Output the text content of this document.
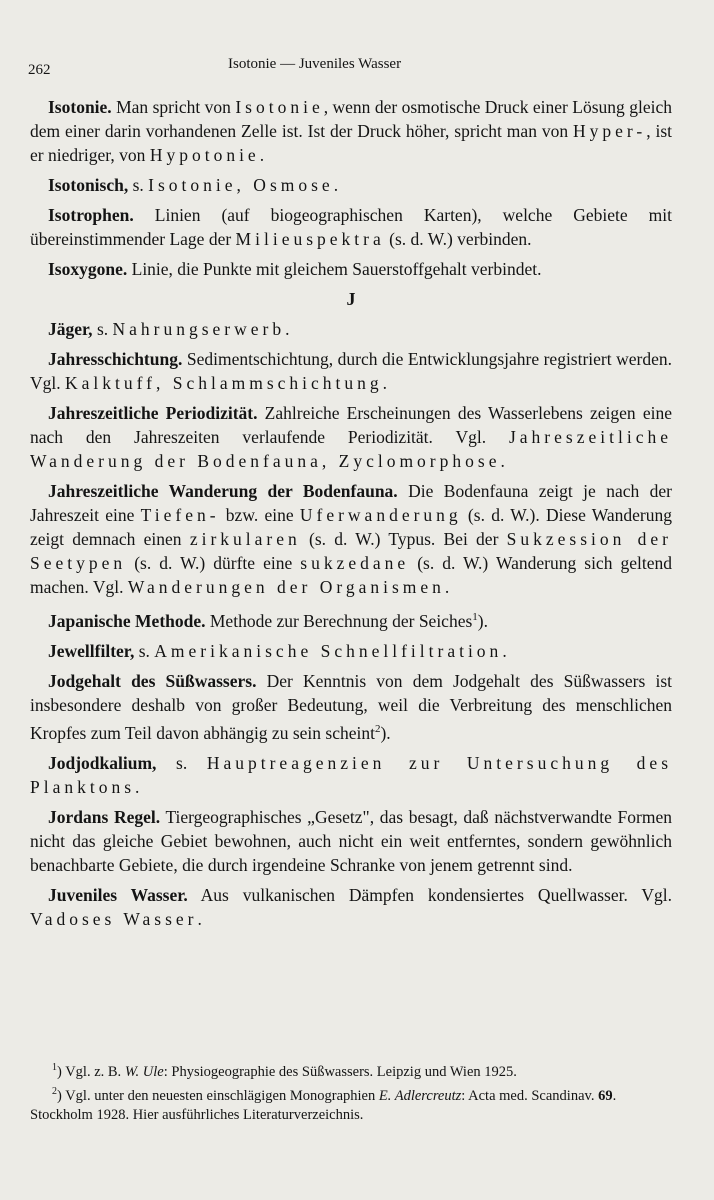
262	Isotonie — Juveniles Wasser

Isotonie. Man spricht von Isotonie, wenn der osmotische Druck einer Lösung gleich dem einer darin vorhandenen Zelle ist. Ist der Druck höher, spricht man von Hyper-, ist er niedriger, von Hypotonie.

Isotonisch, s. Isotonie, Osmose.

Isotrophen. Linien (auf biogeographischen Karten), welche Gebiete mit übereinstimmender Lage der Milieuspektra (s. d. W.) verbinden.

Isoxygone. Linie, die Punkte mit gleichem Sauerstoffgehalt verbindet.

J

Jäger, s. Nahrungserwerb.

Jahresschichtung. Sedimentschichtung, durch die Entwicklungsjahre registriert werden. Vgl. Kalktuff, Schlammschichtung.

Jahreszeitliche Periodizität. Zahlreiche Erscheinungen des Wasserlebens zeigen eine nach den Jahreszeiten verlaufende Periodizität. Vgl. Jahreszeitliche Wanderung der Bodenfauna, Zyclomorphose.

Jahreszeitliche Wanderung der Bodenfauna. Die Bodenfauna zeigt je nach der Jahreszeit eine Tiefen- bzw. eine Uferwanderung (s. d. W.). Diese Wanderung zeigt demnach einen zirkularen (s. d. W.) Typus. Bei der Sukzession der Seetypen (s. d. W.) dürfte eine sukzedane (s. d. W.) Wanderung sich geltend machen. Vgl. Wanderungen der Organismen.

Japanische Methode. Methode zur Berechnung der Seiches$^1$).

Jewellfilter, s. Amerikanische Schnellfiltration.

Jodgehalt des Süßwassers. Der Kenntnis von dem Jodgehalt des Süßwassers ist insbesondere deshalb von großer Bedeutung, weil die Verbreitung des menschlichen Kropfes zum Teil davon abhängig zu sein scheint$^2$).

Jodjodkalium, s. Hauptreagenzien zur Untersuchung des Planktons.

Jordans Regel. Tiergeographisches „Gesetz", das besagt, daß nächstverwandte Formen nicht das gleiche Gebiet bewohnen, auch nicht ein weit entferntes, sondern gewöhnlich benachbarte Gebiete, die durch irgendeine Schranke von jenem getrennt sind.

Juveniles Wasser. Aus vulkanischen Dämpfen kondensiertes Quellwasser. Vgl. Vadoses Wasser.

$^1$) Vgl. z. B. W. Ule: Physiogeographie des Süßwassers. Leipzig und Wien 1925.

$^2$) Vgl. unter den neuesten einschlägigen Monographien E. Adlercreutz: Acta med. Scandinav. 69. Stockholm 1928. Hier ausführliches Literaturverzeichnis.
